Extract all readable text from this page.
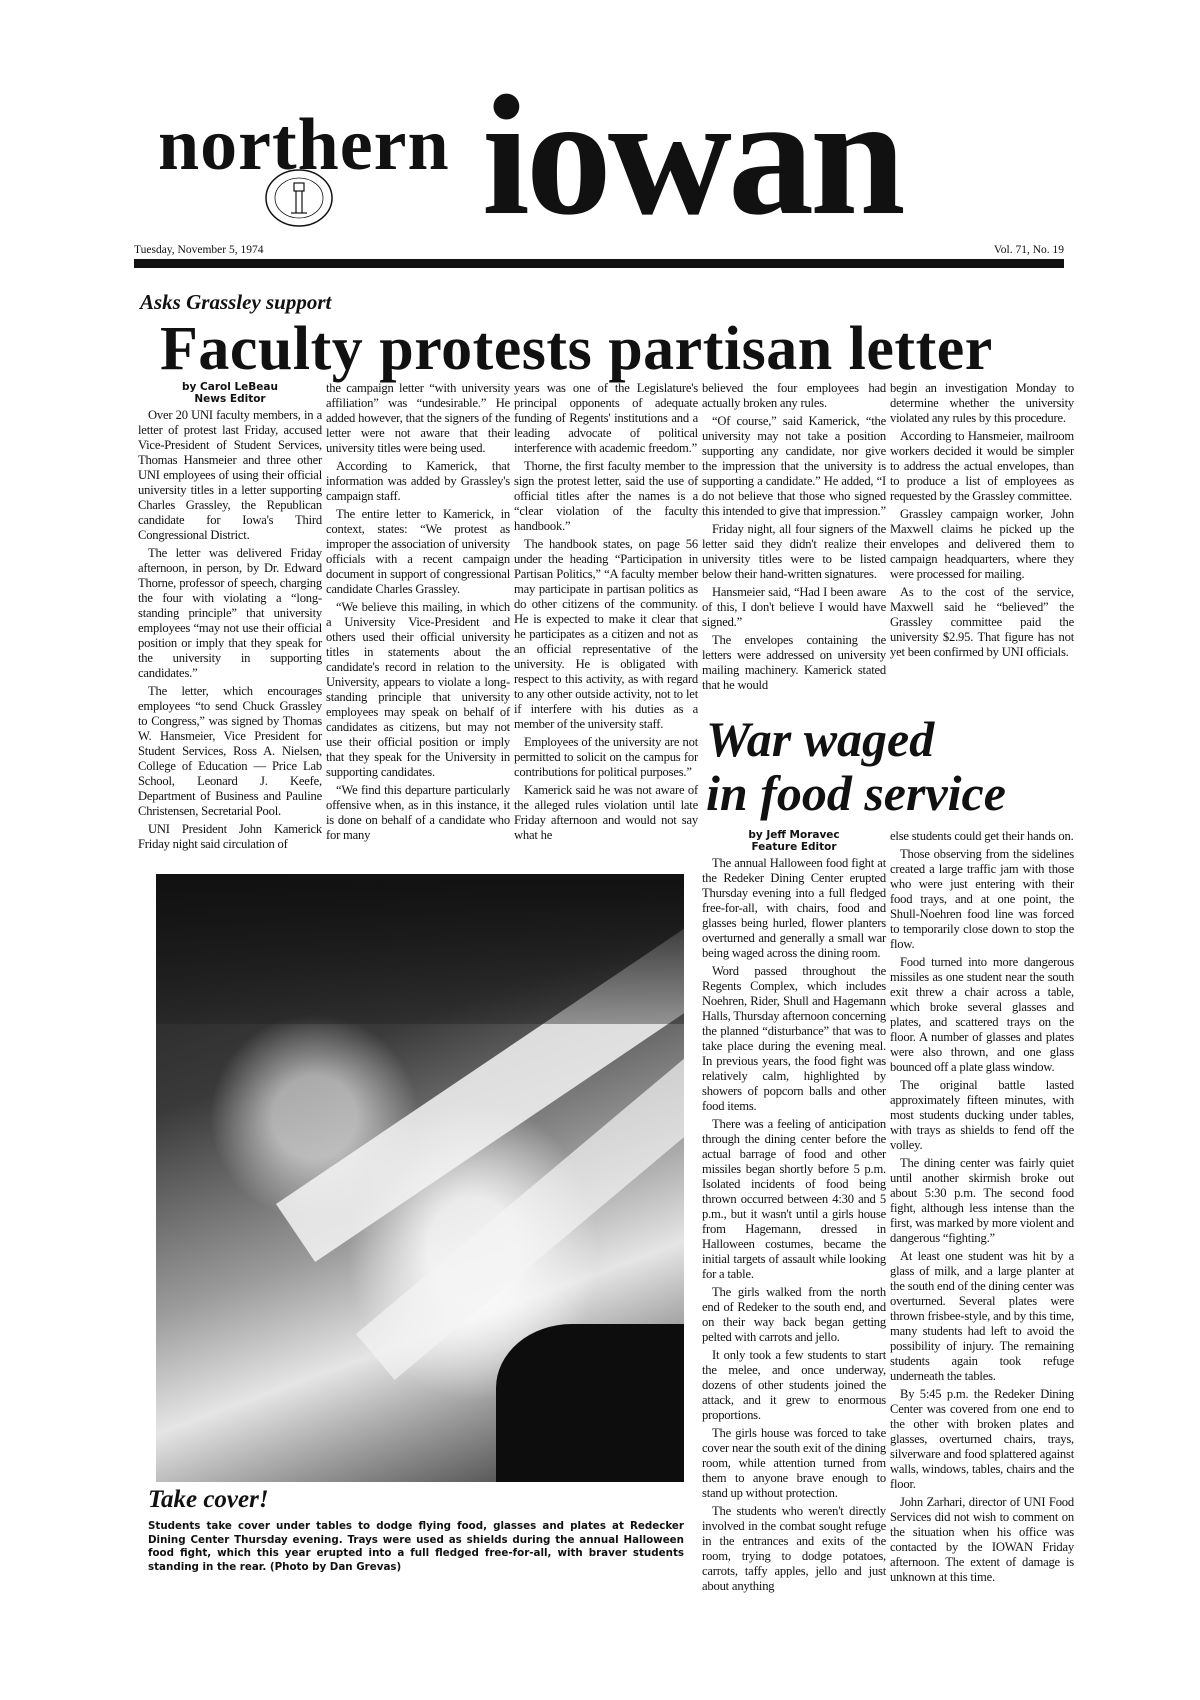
northern iowan
Tuesday, November 5, 1974	Vol. 71, No. 19
Asks Grassley support
Faculty protests partisan letter
by Carol LeBeau
News Editor

Over 20 UNI faculty members, in a letter of protest last Friday, accused Vice-President of Student Services, Thomas Hansmeier and three other UNI employees of using their official university titles in a letter supporting Charles Grassley, the Republican candidate for Iowa's Third Congressional District.

The letter was delivered Friday afternoon, in person, by Dr. Edward Thorne, professor of speech, charging the four with violating a “long-standing principle” that university employees “may not use their official position or imply that they speak for the university in supporting candidates.”

The letter, which encourages employees “to send Chuck Grassley to Congress,” was signed by Thomas W. Hansmeier, Vice President for Student Services, Ross A. Nielsen, College of Education — Price Lab School, Leonard J. Keefe, Department of Business and Pauline Christensen, Secretarial Pool.

UNI President John Kamerick Friday night said circulation of

the campaign letter “with university affiliation” was “undesirable.” He added however, that the signers of the letter were not aware that their university titles were being used.

According to Kamerick, that information was added by Grassley's campaign staff.

The entire letter to Kamerick, in context, states: “We protest as improper the association of university officials with a recent campaign document in support of congressional candidate Charles Grassley.

“We believe this mailing, in which a University Vice-President and others used their official university titles in statements about the candidate's record in relation to the University, appears to violate a long-standing principle that university employees may speak on behalf of candidates as citizens, but may not use their official position or imply that they speak for the University in supporting candidates.

“We find this departure particularly offensive when, as in this instance, it is done on behalf of a candidate who for many

years was one of the Legislature's principal opponents of adequate funding of Regents' institutions and a leading advocate of political interference with academic freedom.”

Thorne, the first faculty member to sign the protest letter, said the use of official titles after the names is a “clear violation of the faculty handbook.”

The handbook states, on page 56 under the heading “Participation in Partisan Politics,” “A faculty member may participate in partisan politics as do other citizens of the community. He is expected to make it clear that he participates as a citizen and not as an official representative of the university. He is obligated with respect to this activity, as with regard to any other outside activity, not to let if interfere with his duties as a member of the university staff.

Employees of the university are not permitted to solicit on the campus for contributions for political purposes.”

Kamerick said he was not aware of the alleged rules violation until late Friday afternoon and would not say what he

believed the four employees had actually broken any rules.

“Of course,” said Kamerick, “the university may not take a position supporting any candidate, nor give the impression that the university is supporting a candidate.” He added, “I do not believe that those who signed this intended to give that impression.”

Friday night, all four signers of the letter said they didn't realize their university titles were to be listed below their hand-written signatures.

Hansmeier said, “Had I been aware of this, I don't believe I would have signed.”

The envelopes containing the letters were addressed on university mailing machinery. Kamerick stated that he would

begin an investigation Monday to determine whether the university violated any rules by this procedure.

According to Hansmeier, mailroom workers decided it would be simpler to address the actual envelopes, than to produce a list of employees as requested by the Grassley committee.

Grassley campaign worker, John Maxwell claims he picked up the envelopes and delivered them to campaign headquarters, where they were processed for mailing.

As to the cost of the service, Maxwell said he “believed” the Grassley committee paid the university $2.95. That figure has not yet been confirmed by UNI officials.

Take cover!
Students take cover under tables to dodge flying food, glasses and plates at Redecker Dining Center Thursday evening. Trays were used as shields during the annual Halloween food fight, which this year erupted into a full fledged free-for-all, with braver students standing in the rear. (Photo by Dan Grevas)
War waged
in food service
by Jeff Moravec
Feature Editor

The annual Halloween food fight at the Redeker Dining Center erupted Thursday evening into a full fledged free-for-all, with chairs, food and glasses being hurled, flower planters overturned and generally a small war being waged across the dining room.

Word passed throughout the Regents Complex, which includes Noehren, Rider, Shull and Hagemann Halls, Thursday afternoon concerning the planned “disturbance” that was to take place during the evening meal. In previous years, the food fight was relatively calm, highlighted by showers of popcorn balls and other food items.

There was a feeling of anticipation through the dining center before the actual barrage of food and other missiles began shortly before 5 p.m. Isolated incidents of food being thrown occurred between 4:30 and 5 p.m., but it wasn't until a girls house from Hagemann, dressed in Halloween costumes, became the initial targets of assault while looking for a table.

The girls walked from the north end of Redeker to the south end, and on their way back began getting pelted with carrots and jello.

It only took a few students to start the melee, and once underway, dozens of other students joined the attack, and it grew to enormous proportions.

The girls house was forced to take cover near the south exit of the dining room, while attention turned from them to anyone brave enough to stand up without protection.

The students who weren't directly involved in the combat sought refuge in the entrances and exits of the room, trying to dodge potatoes, carrots, taffy apples, jello and just about anything

else students could get their hands on.

Those observing from the sidelines created a large traffic jam with those who were just entering with their food trays, and at one point, the Shull-Noehren food line was forced to temporarily close down to stop the flow.

Food turned into more dangerous missiles as one student near the south exit threw a chair across a table, which broke several glasses and plates, and scattered trays on the floor. A number of glasses and plates were also thrown, and one glass bounced off a plate glass window.

The original battle lasted approximately fifteen minutes, with most students ducking under tables, with trays as shields to fend off the volley.

The dining center was fairly quiet until another skirmish broke out about 5:30 p.m. The second food fight, although less intense than the first, was marked by more violent and dangerous “fighting.”

At least one student was hit by a glass of milk, and a large planter at the south end of the dining center was overturned. Several plates were thrown frisbee-style, and by this time, many students had left to avoid the possibility of injury. The remaining students again took refuge underneath the tables.

By 5:45 p.m. the Redeker Dining Center was covered from one end to the other with broken plates and glasses, overturned chairs, trays, silverware and food splattered against walls, windows, tables, chairs and the floor.

John Zarhari, director of UNI Food Services did not wish to comment on the situation when his office was contacted by the IOWAN Friday afternoon. The extent of damage is unknown at this time.
